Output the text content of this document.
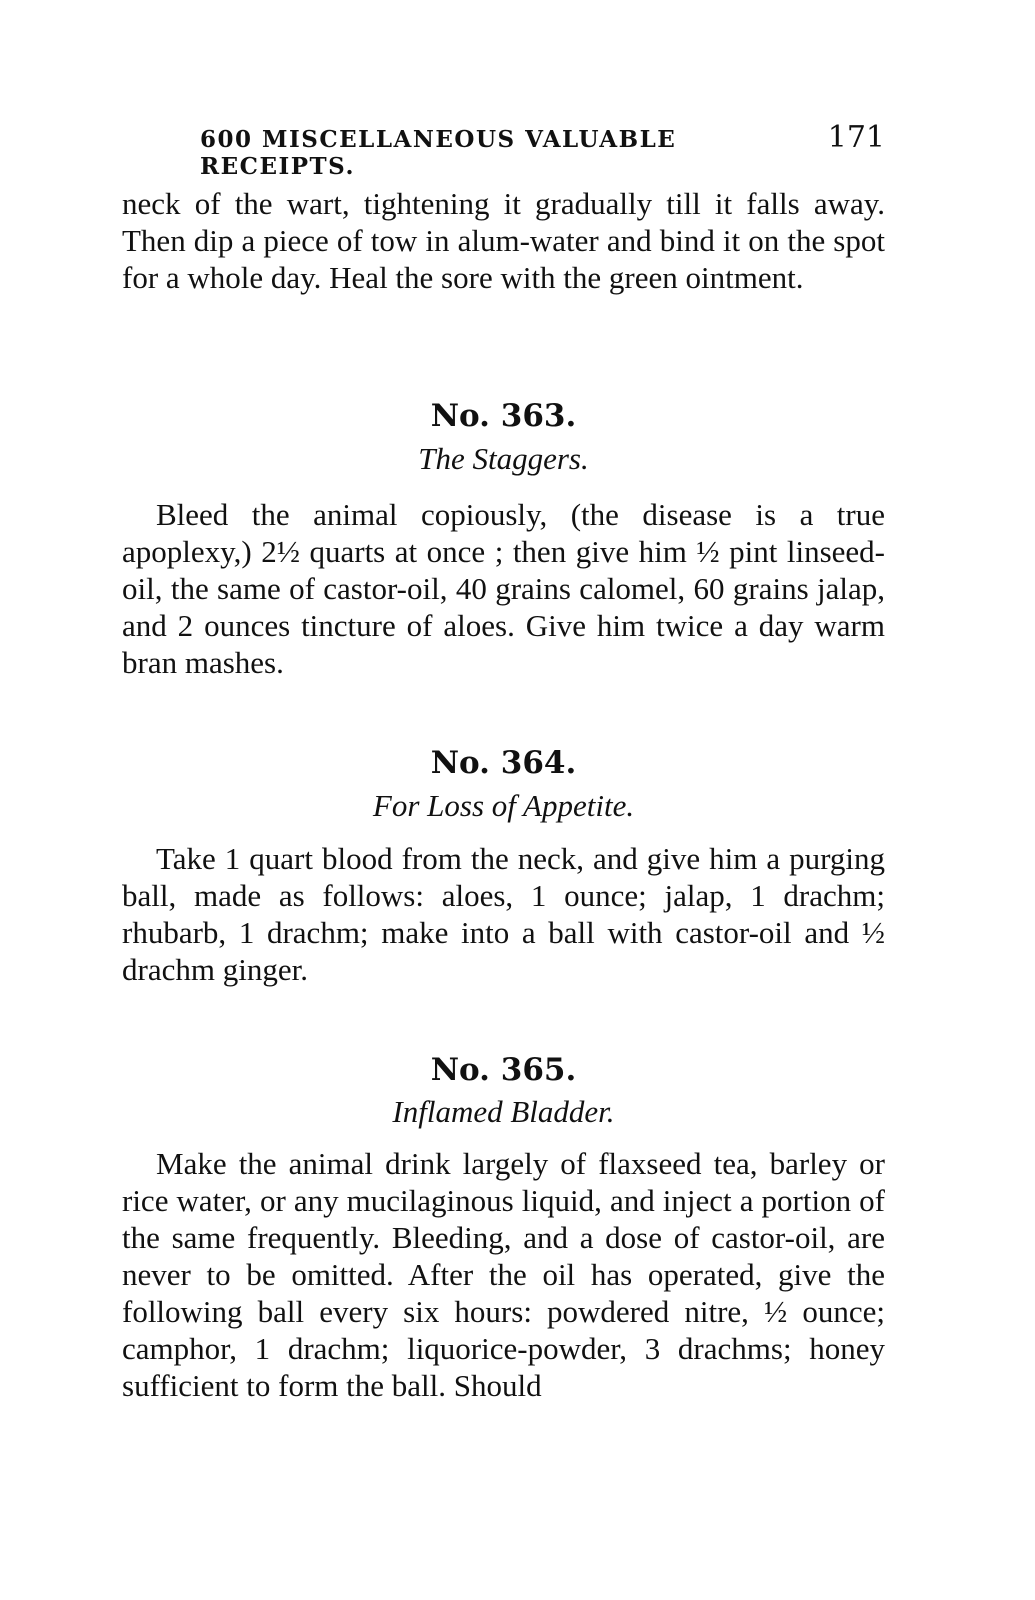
600 MISCELLANEOUS VALUABLE RECEIPTS.
171

neck of the wart, tightening it gradually till it falls away. Then dip a piece of tow in alum-water and bind it on the spot for a whole day. Heal the sore with the green ointment.

No. 363.
The Staggers.

Bleed the animal copiously, (the disease is a true apoplexy,) 2½ quarts at once ; then give him ½ pint linseed-oil, the same of castor-oil, 40 grains calomel, 60 grains jalap, and 2 ounces tincture of aloes. Give him twice a day warm bran mashes.

No. 364.
For Loss of Appetite.

Take 1 quart blood from the neck, and give him a purging ball, made as follows: aloes, 1 ounce; jalap, 1 drachm; rhubarb, 1 drachm; make into a ball with castor-oil and ½ drachm ginger.

No. 365.
Inflamed Bladder.

Make the animal drink largely of flaxseed tea, barley or rice water, or any mucilaginous liquid, and inject a portion of the same frequently. Bleeding, and a dose of castor-oil, are never to be omitted. After the oil has operated, give the following ball every six hours: powdered nitre, ½ ounce; camphor, 1 drachm; liquorice-powder, 3 drachms; honey sufficient to form the ball. Should
